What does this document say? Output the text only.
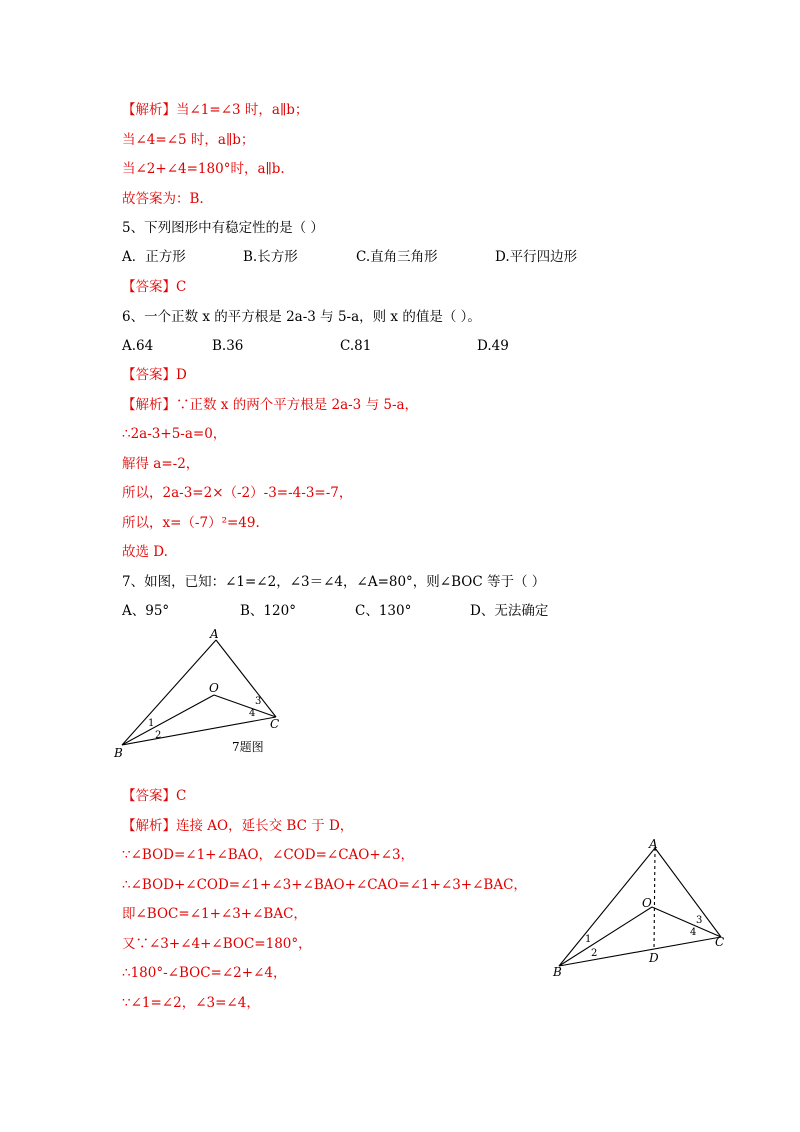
【解析】当∠1=∠3 时，a∥b；
当∠4=∠5 时，a∥b；
当∠2+∠4=180°时，a∥b.
故答案为：B.
5、下列图形中有稳定性的是（ ）
A．正方形	B.长方形	C.直角三角形	D.平行四边形
【答案】C
6、一个正数 x 的平方根是 2a-3 与 5-a，则 x 的值是（ ）。
A.64	B.36	C.81	D.49
【答案】D
【解析】∵正数 x 的两个平方根是 2a-3 与 5-a，
∴2a-3+5-a=0，
解得 a=-2，
所以，2a-3=2×（-2）-3=-4-3=-7，
所以，x=（-7）²=49.
故选 D.
7、如图，已知：∠1=∠2，∠3＝∠4，∠A=80°，则∠BOC 等于（ ）
A、95°	B、120°	C、130°	D、无法确定
A
O
B
C
1
2
3
4
7题图
【答案】C
【解析】连接 AO，延长交 BC 于 D，
∵∠BOD=∠1+∠BAO，∠COD=∠CAO+∠3，
∴∠BOD+∠COD=∠1+∠3+∠BAO+∠CAO=∠1+∠3+∠BAC，
即∠BOC=∠1+∠3+∠BAC，
又∵∠3+∠4+∠BOC=180°，
∴180°-∠BOC=∠2+∠4，
∵∠1=∠2，∠3=∠4，
A
O
B
C
D
1
2
3
4
